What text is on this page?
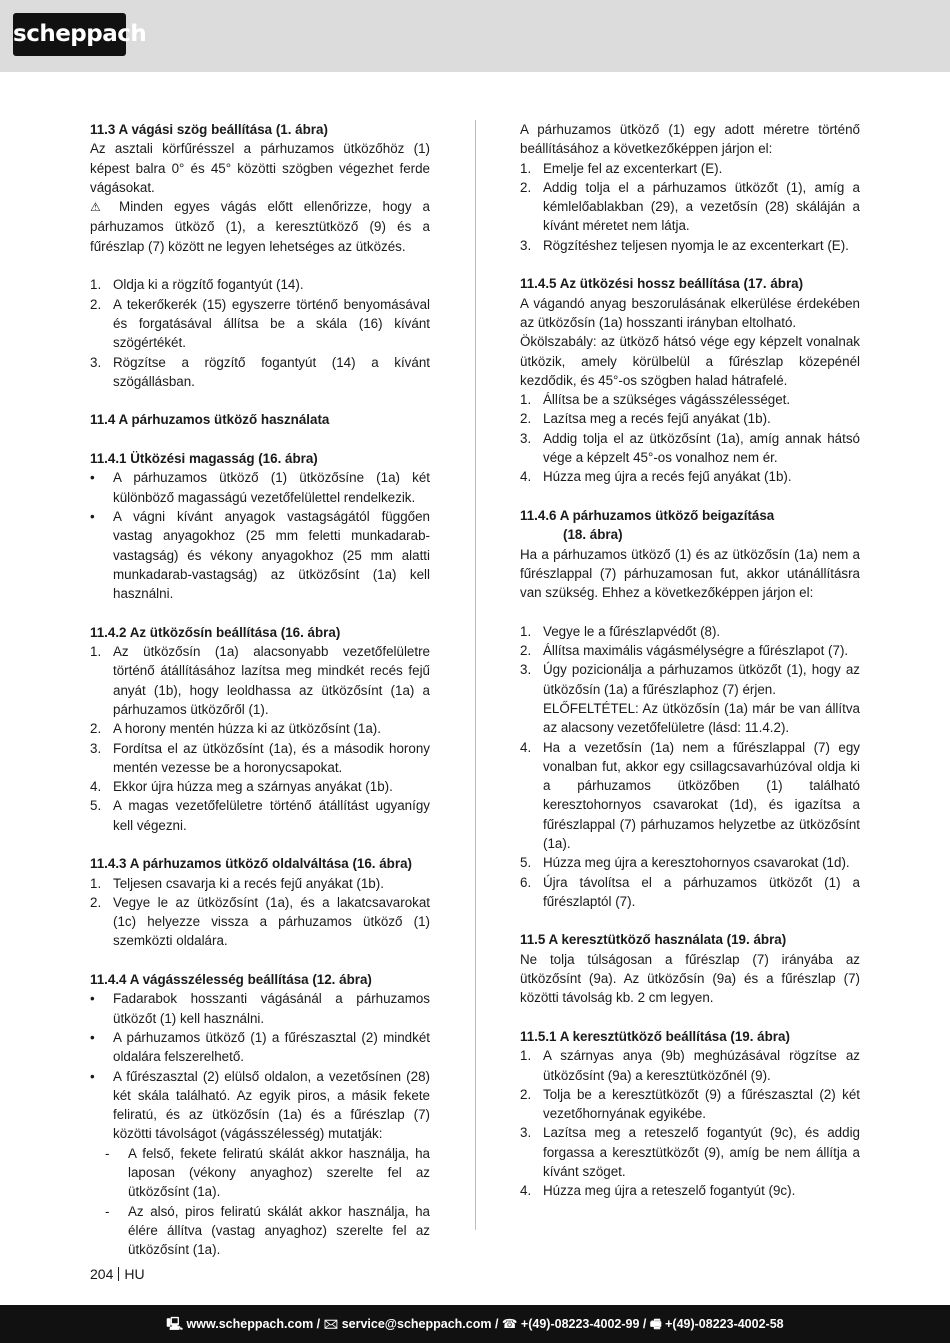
scheppach

11.3 A vágási szög beállítása (1. ábra)

Az asztali körfűrésszel a párhuzamos ütközőhöz (1) képest balra 0° és 45° közötti szögben végezhet ferde vágásokat.

⚠ Minden egyes vágás előtt ellenőrizze, hogy a párhuzamos ütköző (1), a keresztütköző (9) és a fűrészlap (7) között ne legyen lehetséges az ütközés.

1. Oldja ki a rögzítő fogantyút (14).
2. A tekerőkerék (15) egyszerre történő benyomásával és forgatásával állítsa be a skála (16) kívánt szögértékét.
3. Rögzítse a rögzítő fogantyút (14) a kívánt szögállásban.

11.4 A párhuzamos ütköző használata

11.4.1 Ütközési magasság (16. ábra)

• A párhuzamos ütköző (1) ütközősíne (1a) két különböző magasságú vezetőfelülettel rendelkezik.
• A vágni kívánt anyagok vastagságától függően vastag anyagokhoz (25 mm feletti munkadarab-vastagság) és vékony anyagokhoz (25 mm alatti munkadarab-vastagság) az ütközősínt (1a) kell használni.

11.4.2 Az ütközősín beállítása (16. ábra)

1. Az ütközősín (1a) alacsonyabb vezetőfelületre történő átállításához lazítsa meg mindkét recés fejű anyát (1b), hogy leoldhassa az ütközősínt (1a) a párhuzamos ütközőről (1).
2. A horony mentén húzza ki az ütközősínt (1a).
3. Fordítsa el az ütközősínt (1a), és a második horony mentén vezesse be a horonycsapokat.
4. Ekkor újra húzza meg a szárnyas anyákat (1b).
5. A magas vezetőfelületre történő átállítást ugyanígy kell végezni.

11.4.3 A párhuzamos ütköző oldalváltása (16. ábra)

1. Teljesen csavarja ki a recés fejű anyákat (1b).
2. Vegye le az ütközősínt (1a), és a lakatcsavarokat (1c) helyezze vissza a párhuzamos ütköző (1) szemközti oldalára.

11.4.4 A vágásszélesség beállítása (12. ábra)

• Fadarabok hosszanti vágásánál a párhuzamos ütközőt (1) kell használni.
• A párhuzamos ütköző (1) a fűrészasztal (2) mindkét oldalára felszerelhető.
• A fűrészasztal (2) elülső oldalon, a vezetősínen (28) két skála található. Az egyik piros, a másik fekete feliratú, és az ütközősín (1a) és a fűrészlap (7) közötti távolságot (vágásszélesség) mutatják:
- A felső, fekete feliratú skálát akkor használja, ha laposan (vékony anyaghoz) szerelte fel az ütközősínt (1a).
- Az alsó, piros feliratú skálát akkor használja, ha élére állítva (vastag anyaghoz) szerelte fel az ütközősínt (1a).

A párhuzamos ütköző (1) egy adott méretre történő beállításához a következőképpen járjon el:

1. Emelje fel az excenterkart (E).
2. Addig tolja el a párhuzamos ütközőt (1), amíg a kémlelőablakban (29), a vezetősín (28) skáláján a kívánt méretet nem látja.
3. Rögzítéshez teljesen nyomja le az excenterkart (E).

11.4.5 Az ütközési hossz beállítása (17. ábra)

A vágandó anyag beszorulásának elkerülése érdekében az ütközősín (1a) hosszanti irányban eltolható.

Ökölszabály: az ütköző hátsó vége egy képzelt vonalnak ütközik, amely körülbelül a fűrészlap közepénél kezdődik, és 45°-os szögben halad hátrafelé.

1. Állítsa be a szükséges vágásszélességet.
2. Lazítsa meg a recés fejű anyákat (1b).
3. Addig tolja el az ütközősínt (1a), amíg annak hátsó vége a képzelt 45°-os vonalhoz nem ér.
4. Húzza meg újra a recés fejű anyákat (1b).

11.4.6 A párhuzamos ütköző beigazítása

(18. ábra)

Ha a párhuzamos ütköző (1) és az ütközősín (1a) nem a fűrészlappal (7) párhuzamosan fut, akkor utánállításra van szükség. Ehhez a következőképpen járjon el:

1. Vegye le a fűrészlapvédőt (8).
2. Állítsa maximális vágásmélységre a fűrészlapot (7).
3. Úgy pozicionálja a párhuzamos ütközőt (1), hogy az ütközősín (1a) a fűrészlaphoz (7) érjen.
ELŐFELTÉTEL: Az ütközősín (1a) már be van állítva az alacsony vezetőfelületre (lásd: 11.4.2).
4. Ha a vezetősín (1a) nem a fűrészlappal (7) egy vonalban fut, akkor egy csillagcsavarhúzóval oldja ki a párhuzamos ütközőben (1) található keresztohornyos csavarokat (1d), és igazítsa a fűrészlappal (7) párhuzamos helyzetbe az ütközősínt (1a).
5. Húzza meg újra a keresztohornyos csavarokat (1d).
6. Újra távolítsa el a párhuzamos ütközőt (1) a fűrészlaptól (7).

11.5 A keresztütköző használata (19. ábra)

Ne tolja túlságosan a fűrészlap (7) irányába az ütközősínt (9a). Az ütközősín (9a) és a fűrészlap (7) közötti távolság kb. 2 cm legyen.

11.5.1 A keresztütköző beállítása (19. ábra)

1. A szárnyas anya (9b) meghúzásával rögzítse az ütközősínt (9a) a keresztütközőnél (9).
2. Tolja be a keresztütközőt (9) a fűrészasztal (2) két vezetőhornyának egyikébe.
3. Lazítsa meg a reteszelő fogantyút (9c), és addig forgassa a keresztütközőt (9), amíg be nem állítja a kívánt szöget.
4. Húzza meg újra a reteszelő fogantyút (9c).
204 HU
🖳 www.scheppach.com / 🖂 service@scheppach.com / ☎ +(49)-08223-4002-99 / 🖷 +(49)-08223-4002-58
